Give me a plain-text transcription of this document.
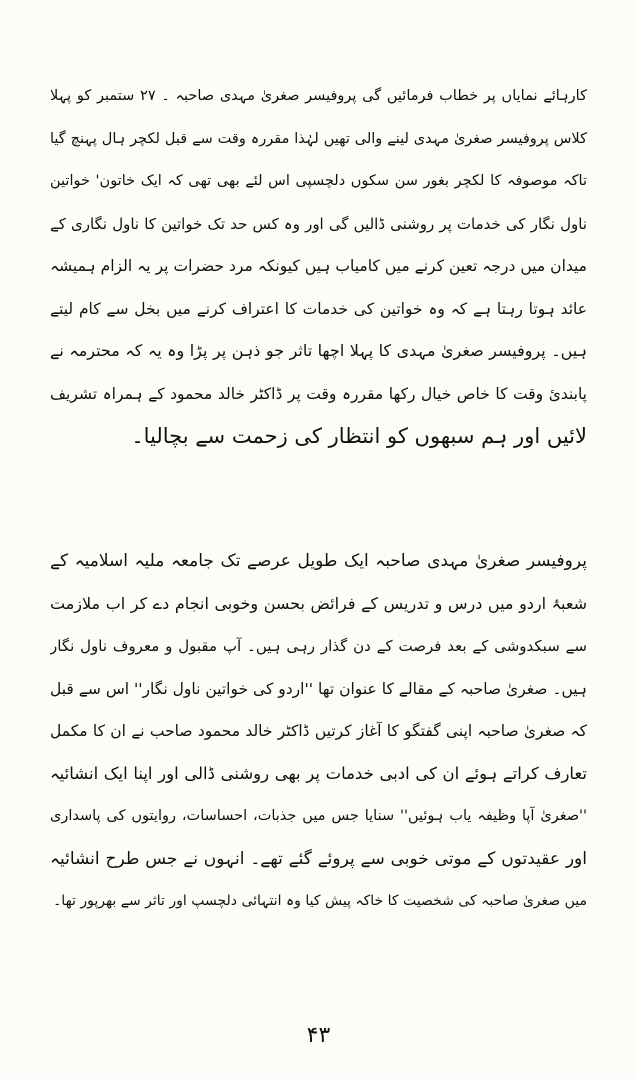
کارہائے نمایاں پر خطاب فرمائیں گی پروفیسر صغریٰ مہدی صاحبہ ۔ ۲۷ ستمبر کو پہلا
کلاس پروفیسر صغریٰ مہدی لینے والی تھیں لہٰذا مقررہ وقت سے قبل لکچر ہال پہنچ گیا
تاکہ موصوفہ کا لکچر بغور سن سکوں دلچسپی اس لئے بھی تھی کہ ایک خاتون' خواتین
ناول نگار کی خدمات پر روشنی ڈالیں گی اور وہ کس حد تک خواتین کا ناول نگاری کے
میدان میں درجہ تعین کرنے میں کامیاب ہیں کیونکہ مرد حضرات پر یہ الزام ہمیشہ
عائد ہوتا رہتا ہے کہ وہ خواتین کی خدمات کا اعتراف کرنے میں بخل سے کام لیتے
ہیں۔ پروفیسر صغریٰ مہدی کا پہلا اچھا تاثر جو ذہن پر پڑا وہ یہ کہ محترمہ نے
پابندئ وقت کا خاص خیال رکھا مقررہ وقت پر ڈاکٹر خالد محمود کے ہمراہ تشریف
لائیں اور ہم سبھوں کو انتظار کی زحمت سے بچالیا۔
پروفیسر صغریٰ مہدی صاحبہ ایک طویل عرصے تک جامعہ ملیہ اسلامیہ کے
شعبۂ اردو میں درس و تدریس کے فرائض بحسن وخوبی انجام دے کر اب ملازمت
سے سبکدوشی کے بعد فرصت کے دن گذار رہی ہیں۔ آپ مقبول و معروف ناول نگار
ہیں۔ صغریٰ صاحبہ کے مقالے کا عنوان تھا ''اردو کی خواتین ناول نگار'' اس سے قبل
کہ صغریٰ صاحبہ اپنی گفتگو کا آغاز کرتیں ڈاکٹر خالد محمود صاحب نے ان کا مکمل
تعارف کراتے ہوئے ان کی ادبی خدمات پر بھی روشنی ڈالی اور اپنا ایک انشائیہ
''صغریٰ آپا وظیفہ یاب ہوئیں'' سنایا جس میں جذبات، احساسات، روایتوں کی پاسداری
اور عقیدتوں کے موتی خوبی سے پروئے گئے تھے۔ انہوں نے جس طرح انشائیہ
میں صغریٰ صاحبہ کی شخصیت کا خاکہ پیش کیا وہ انتہائی دلچسپ اور تاثر سے بھرپور تھا۔
۴۳
